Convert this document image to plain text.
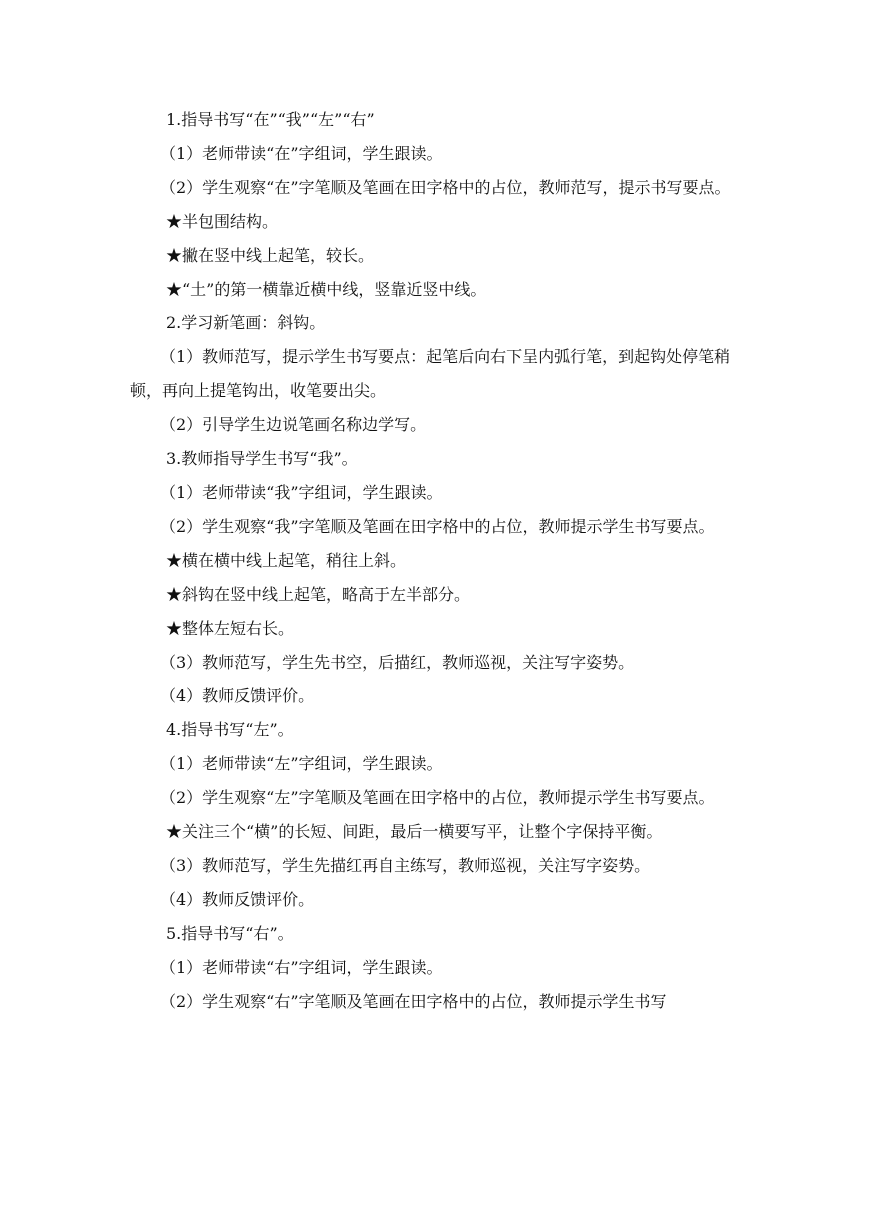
1.指导书写“在”“我”“左”“右”

（1）老师带读“在”字组词，学生跟读。

（2）学生观察“在”字笔顺及笔画在田字格中的占位，教师范写，提示书写要点。

★半包围结构。

★撇在竖中线上起笔，较长。

★“土”的第一横靠近横中线，竖靠近竖中线。

2.学习新笔画：斜钩。

（1）教师范写，提示学生书写要点：起笔后向右下呈内弧行笔，到起钩处停笔稍顿，再向上提笔钩出，收笔要出尖。

（2）引导学生边说笔画名称边学写。

3.教师指导学生书写“我”。

（1）老师带读“我”字组词，学生跟读。

（2）学生观察“我”字笔顺及笔画在田字格中的占位，教师提示学生书写要点。

★横在横中线上起笔，稍往上斜。

★斜钩在竖中线上起笔，略高于左半部分。

★整体左短右长。

（3）教师范写，学生先书空，后描红，教师巡视，关注写字姿势。

（4）教师反馈评价。

4.指导书写“左”。

（1）老师带读“左”字组词，学生跟读。

（2）学生观察“左”字笔顺及笔画在田字格中的占位，教师提示学生书写要点。

★关注三个“横”的长短、间距，最后一横要写平，让整个字保持平衡。

（3）教师范写，学生先描红再自主练写，教师巡视，关注写字姿势。

（4）教师反馈评价。

5.指导书写“右”。

（1）老师带读“右”字组词，学生跟读。

（2）学生观察“右”字笔顺及笔画在田字格中的占位，教师提示学生书写
